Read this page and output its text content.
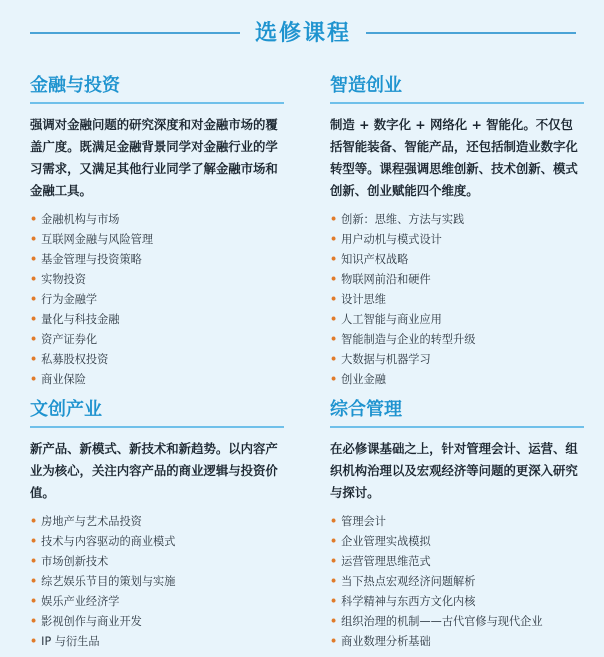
选修课程
金融与投资
强调对金融问题的研究深度和对金融市场的覆盖广度。既满足金融背景同学对金融行业的学习需求，又满足其他行业同学了解金融市场和金融工具。
• 金融机构与市场
• 互联网金融与风险管理
• 基金管理与投资策略
• 实物投资
• 行为金融学
• 量化与科技金融
• 资产证券化
• 私募股权投资
• 商业保险
智造创业
制造 + 数字化 + 网络化 + 智能化。不仅包括智能装备、智能产品，还包括制造业数字化转型等。课程强调思维创新、技术创新、模式创新、创业赋能四个维度。
• 创新：思维、方法与实践
• 用户动机与模式设计
• 知识产权战略
• 物联网前沿和硬件
• 设计思维
• 人工智能与商业应用
• 智能制造与企业的转型升级
• 大数据与机器学习
• 创业金融
文创产业
新产品、新模式、新技术和新趋势。以内容产业为核心，关注内容产品的商业逻辑与投资价值。
• 房地产与艺术品投资
• 技术与内容驱动的商业模式
• 市场创新技术
• 综艺娱乐节目的策划与实施
• 娱乐产业经济学
• 影视创作与商业开发
• IP 与衍生品
综合管理
在必修课基础之上，针对管理会计、运营、组织机构治理以及宏观经济等问题的更深入研究与探讨。
• 管理会计
• 企业管理实战模拟
• 运营管理思维范式
• 当下热点宏观经济问题解析
• 科学精神与东西方文化内核
• 组织治理的机制——古代官修与现代企业
• 商业数理分析基础
